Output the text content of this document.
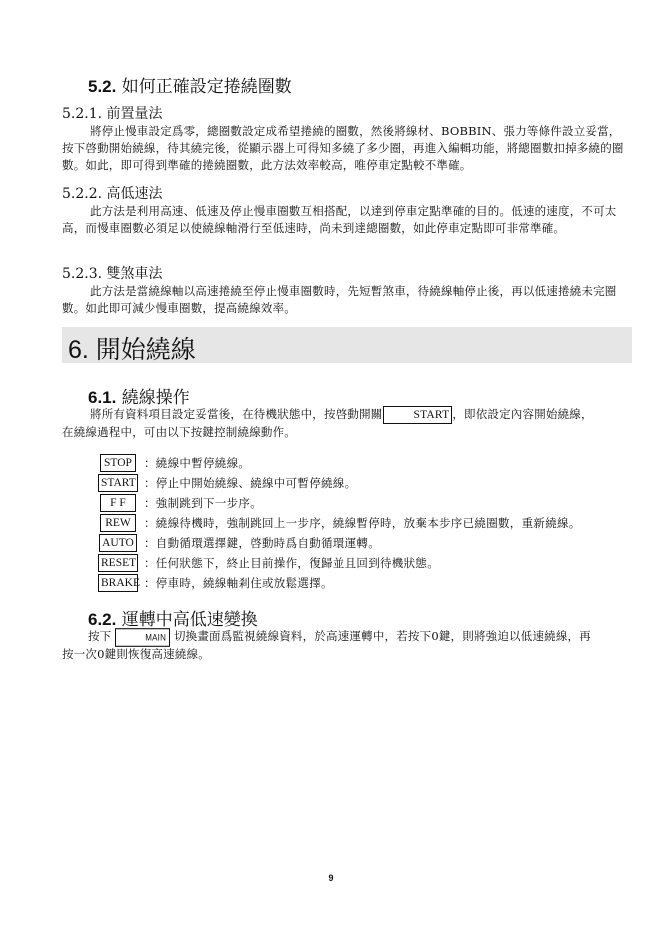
5.2. 如何正確設定捲繞圈數
5.2.1. 前置量法
將停止慢車設定爲零，總圈數設定成希望捲繞的圈數，然後將線材、BOBBIN、張力等條件設立妥當，按下啓動開始繞線，待其繞完後，從顯示器上可得知多繞了多少圈，再進入編輯功能，將總圈數扣掉多繞的圈數。如此，即可得到準確的捲繞圈數，此方法效率較高，唯停車定點較不準確。
5.2.2. 高低速法
此方法是利用高速、低速及停止慢車圈數互相搭配，以達到停車定點準確的目的。低速的速度，不可太高，而慢車圈數必須足以使繞線軸滑行至低速時，尚未到達總圈數，如此停車定點即可非常準確。
5.2.3. 雙煞車法
此方法是當繞線軸以高速捲繞至停止慢車圈數時，先短暫煞車，待繞線軸停止後，再以低速捲繞未完圈數。如此即可減少慢車圈數，提高繞線效率。
6. 開始繞線
6.1. 繞線操作
將所有資料項目設定妥當後，在待機狀態中，按啓動開關	START ，即依設定內容開始繞線，
在繞線過程中，可由以下按鍵控制繞線動作。
STOP	：繞線中暫停繞線。
START ：停止中開始繞線、繞線中可暫停繞線。
F F	：強制跳到下一步序。
REW	：繞線待機時，強制跳回上一步序，繞線暫停時，放棄本步序已繞圈數，重新繞線。
AUTO ：自動循環選擇鍵，啓動時爲自動循環運轉。
RESET ：任何狀態下，終止目前操作，復歸並且回到待機狀態。
BRAKE ：停車時，繞線軸剎住或放鬆選擇。
6.2. 運轉中高低速變換
按下	MAIN 切換畫面爲監視繞線資料，於高速運轉中，若按下0鍵，則將強迫以低速繞線，再
按一次0鍵則恢復高速繞線。
9
